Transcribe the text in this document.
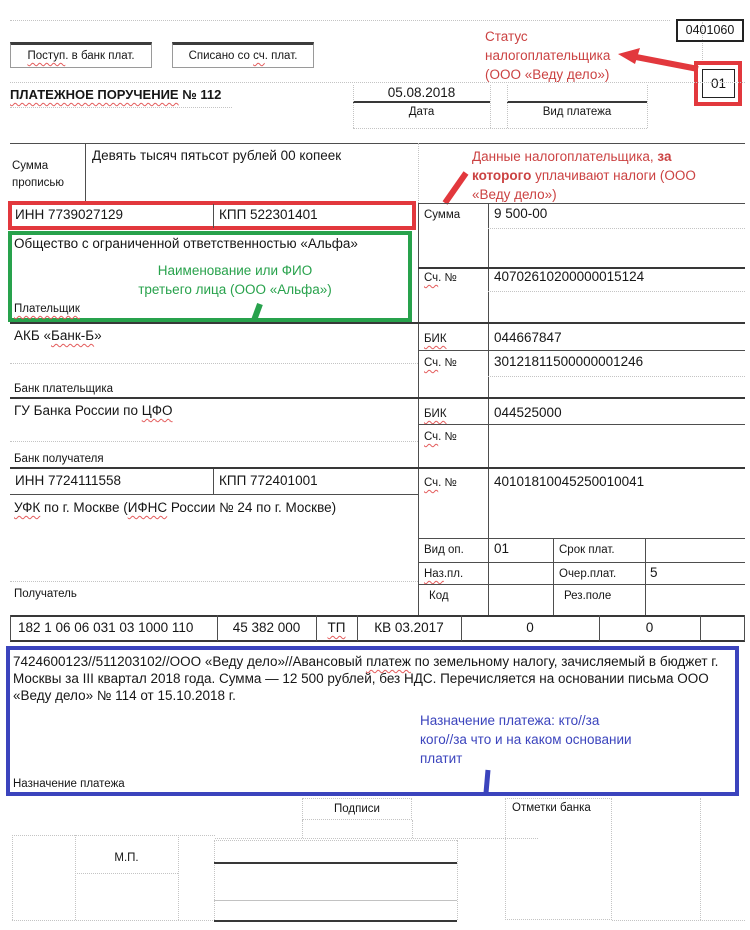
0401060
Поступ. в банк плат.	Списано со сч. плат.
Статус
налогоплательщика
(ООО «Веду дело»)
01
ПЛАТЕЖНОЕ ПОРУЧЕНИЕ № 112	05.08.2018
Дата	Вид платежа
Сумма
прописью
Девять тысяч пятьсот рублей 00 копеек	Данные налогоплательщика, за которого уплачивают налоги (ООО «Веду дело»)
ИНН 7739027129	КПП 522301401	Сумма	9 500-00
Общество с ограниченной ответственностью «Альфа»
Наименование или ФИО
третьего лица (ООО «Альфа»)
Плательщик
Сч. №	40702610200000015124
АКБ «Банк-Б»	БИК	044667847
Сч. №	30121811500000001246
Банк плательщика
ГУ Банка России по ЦФО	БИК	044525000
Сч. №
Банк получателя
ИНН 7724111558	КПП 772401001	Сч. №	40101810045250010041
УФК по г. Москве (ИФНС России № 24 по г. Москве)
Вид оп. 01	Срок плат.
Наз.пл.	Очер.плат.	5
Код	Рез.поле
Получатель
182 1 06 06 031 03 1000 110	45 382 000	ТП	КВ 03.2017	0	0
7424600123//511203102//ООО «Веду дело»//Авансовый платеж по земельному налогу, зачисляемый в бюджет г. Москвы за III квартал 2018 года. Сумма — 12 500 рублей, без НДС. Перечисляется на основании письма ООО «Веду дело» № 114 от 15.10.2018 г.
Назначение платежа: кто//за
кого//за что и на каком основании
платит
Назначение платежа
Подписи	Отметки банка
М.П.
